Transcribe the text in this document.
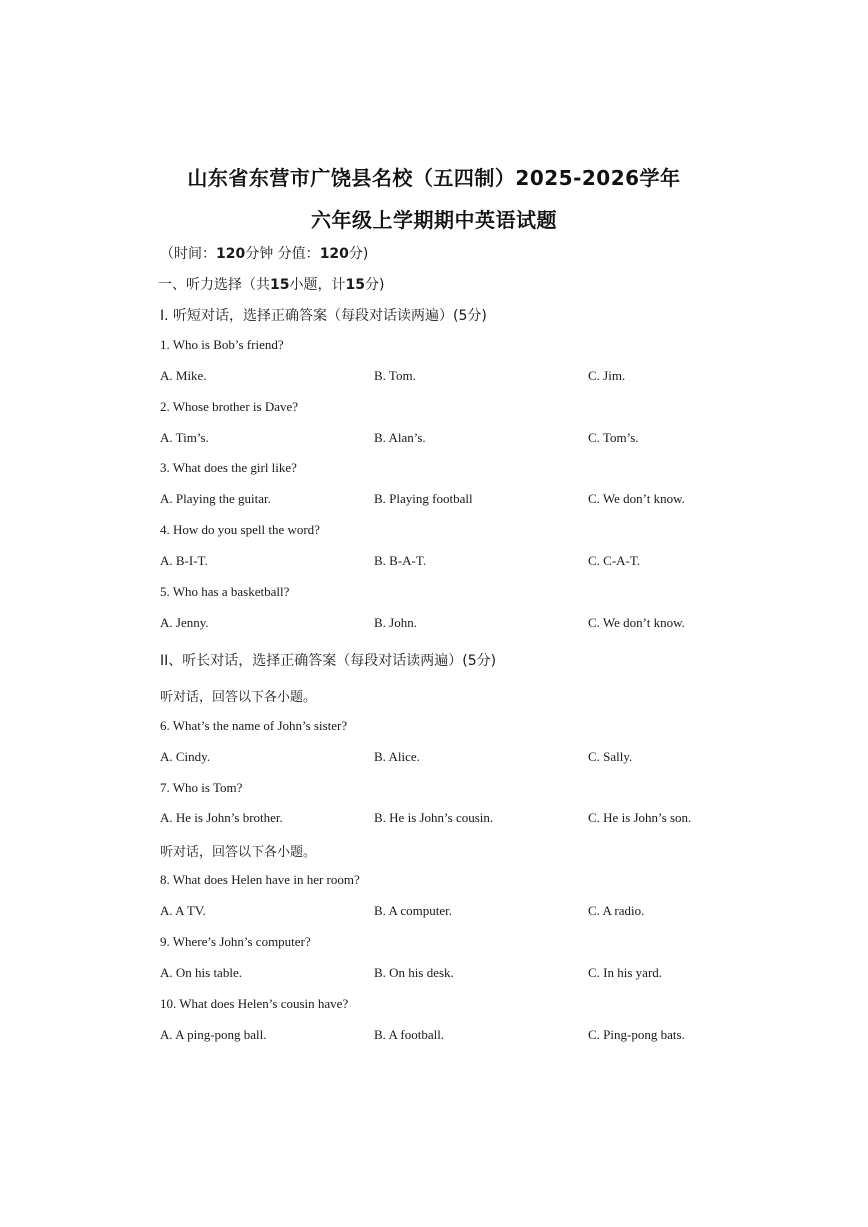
山东省东营市广饶县名校（五四制）2025-2026学年
六年级上学期期中英语试题
（时间：120分钟 分值：120分)
一、听力选择（共15小题，计15分)
I. 听短对话，选择正确答案（每段对话读两遍）(5分)
1. Who is Bob’s friend?
A. Mike.	B. Tom.	C. Jim.
2. Whose brother is Dave?
A. Tim’s.	B. Alan’s.	C. Tom’s.
3. What does the girl like?
A. Playing the guitar.	B. Playing football	C. We don’t know.
4. How do you spell the word?
A. B-I-T.	B. B-A-T.	C. C-A-T.
5. Who has a basketball?
A. Jenny.	B. John.	C. We don’t know.
II、听长对话，选择正确答案（每段对话读两遍）(5分)
听对话，回答以下各小题。
6. What’s the name of John’s sister?
A. Cindy.	B. Alice.	C. Sally.
7. Who is Tom?
A. He is John’s brother.	B. He is John’s cousin.	C. He is John’s son.
听对话，回答以下各小题。
8. What does Helen have in her room?
A. A TV.	B. A computer.	C. A radio.
9. Where’s John’s computer?
A. On his table.	B. On his desk.	C. In his yard.
10. What does Helen’s cousin have?
A. A ping-pong ball.	B. A football.	C. Ping-pong bats.
